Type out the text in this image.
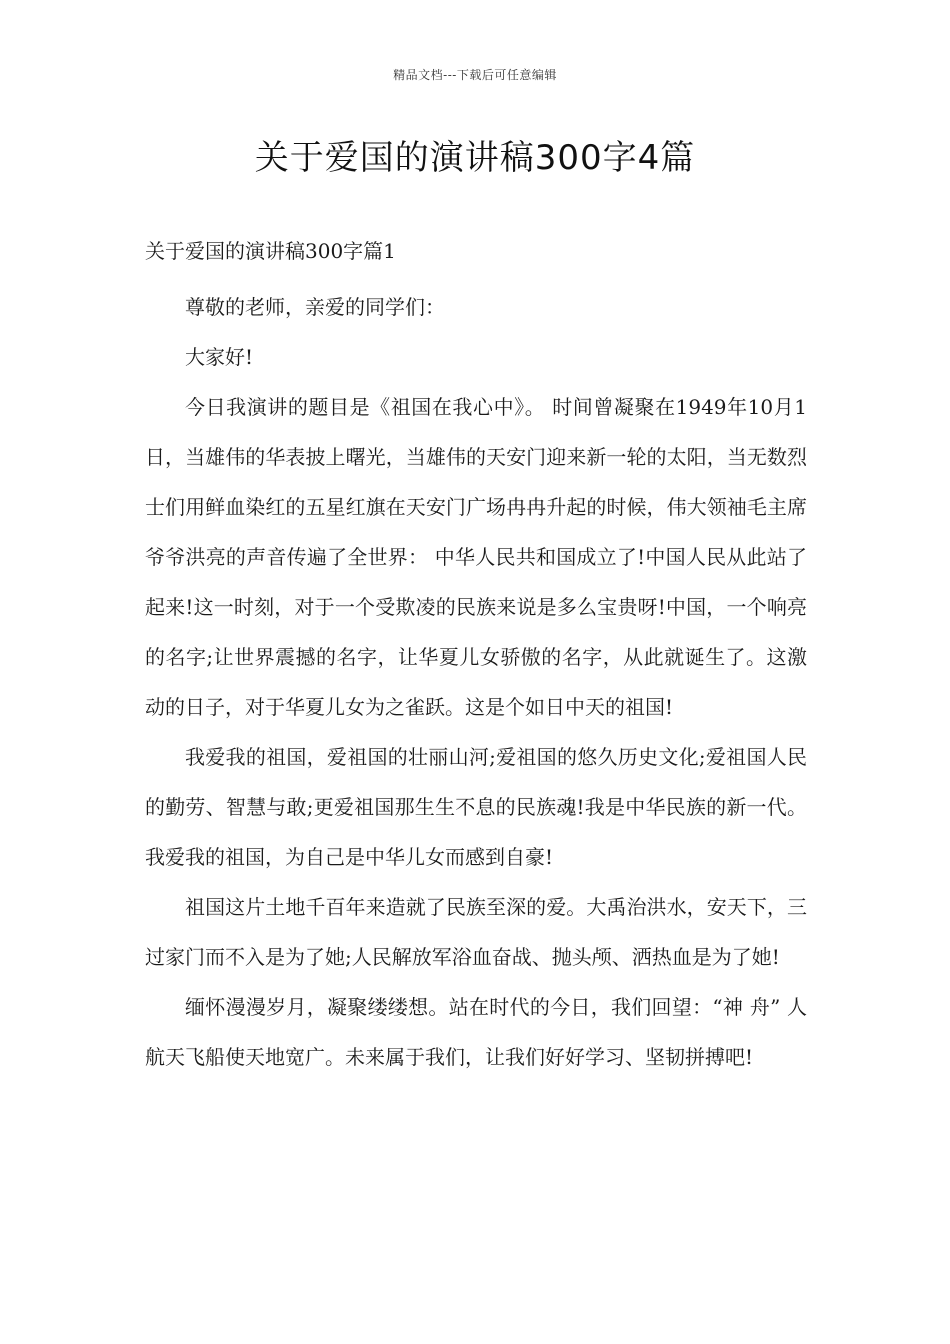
精品文档---下载后可任意编辑
关于爱国的演讲稿300字4篇
关于爱国的演讲稿300字篇1

尊敬的老师，亲爱的同学们：

大家好!

今日我演讲的题目是《祖国在我心中》。 时间曾凝聚在1949年10月1日，当雄伟的华表披上曙光，当雄伟的天安门迎来新一轮的太阳，当无数烈士们用鲜血染红的五星红旗在天安门广场冉冉升起的时候，伟大领袖毛主席爷爷洪亮的声音传遍了全世界： 中华人民共和国成立了!中国人民从此站了起来!这一时刻，对于一个受欺凌的民族来说是多么宝贵呀!中国，一个响亮的名字;让世界震撼的名字，让华夏儿女骄傲的名字，从此就诞生了。这激动的日子，对于华夏儿女为之雀跃。这是个如日中天的祖国!

我爱我的祖国，爱祖国的壮丽山河;爱祖国的悠久历史文化;爱祖国人民的勤劳、智慧与敢;更爱祖国那生生不息的民族魂!我是中华民族的新一代。我爱我的祖国，为自己是中华儿女而感到自豪!

祖国这片土地千百年来造就了民族至深的爱。大禹治洪水，安天下，三过家门而不入是为了她;人民解放军浴血奋战、抛头颅、洒热血是为了她!

缅怀漫漫岁月，凝聚缕缕想。站在时代的今日，我们回望：“神 舟” 人航天飞船使天地宽广。未来属于我们，让我们好好学习、坚韧拼搏吧!
